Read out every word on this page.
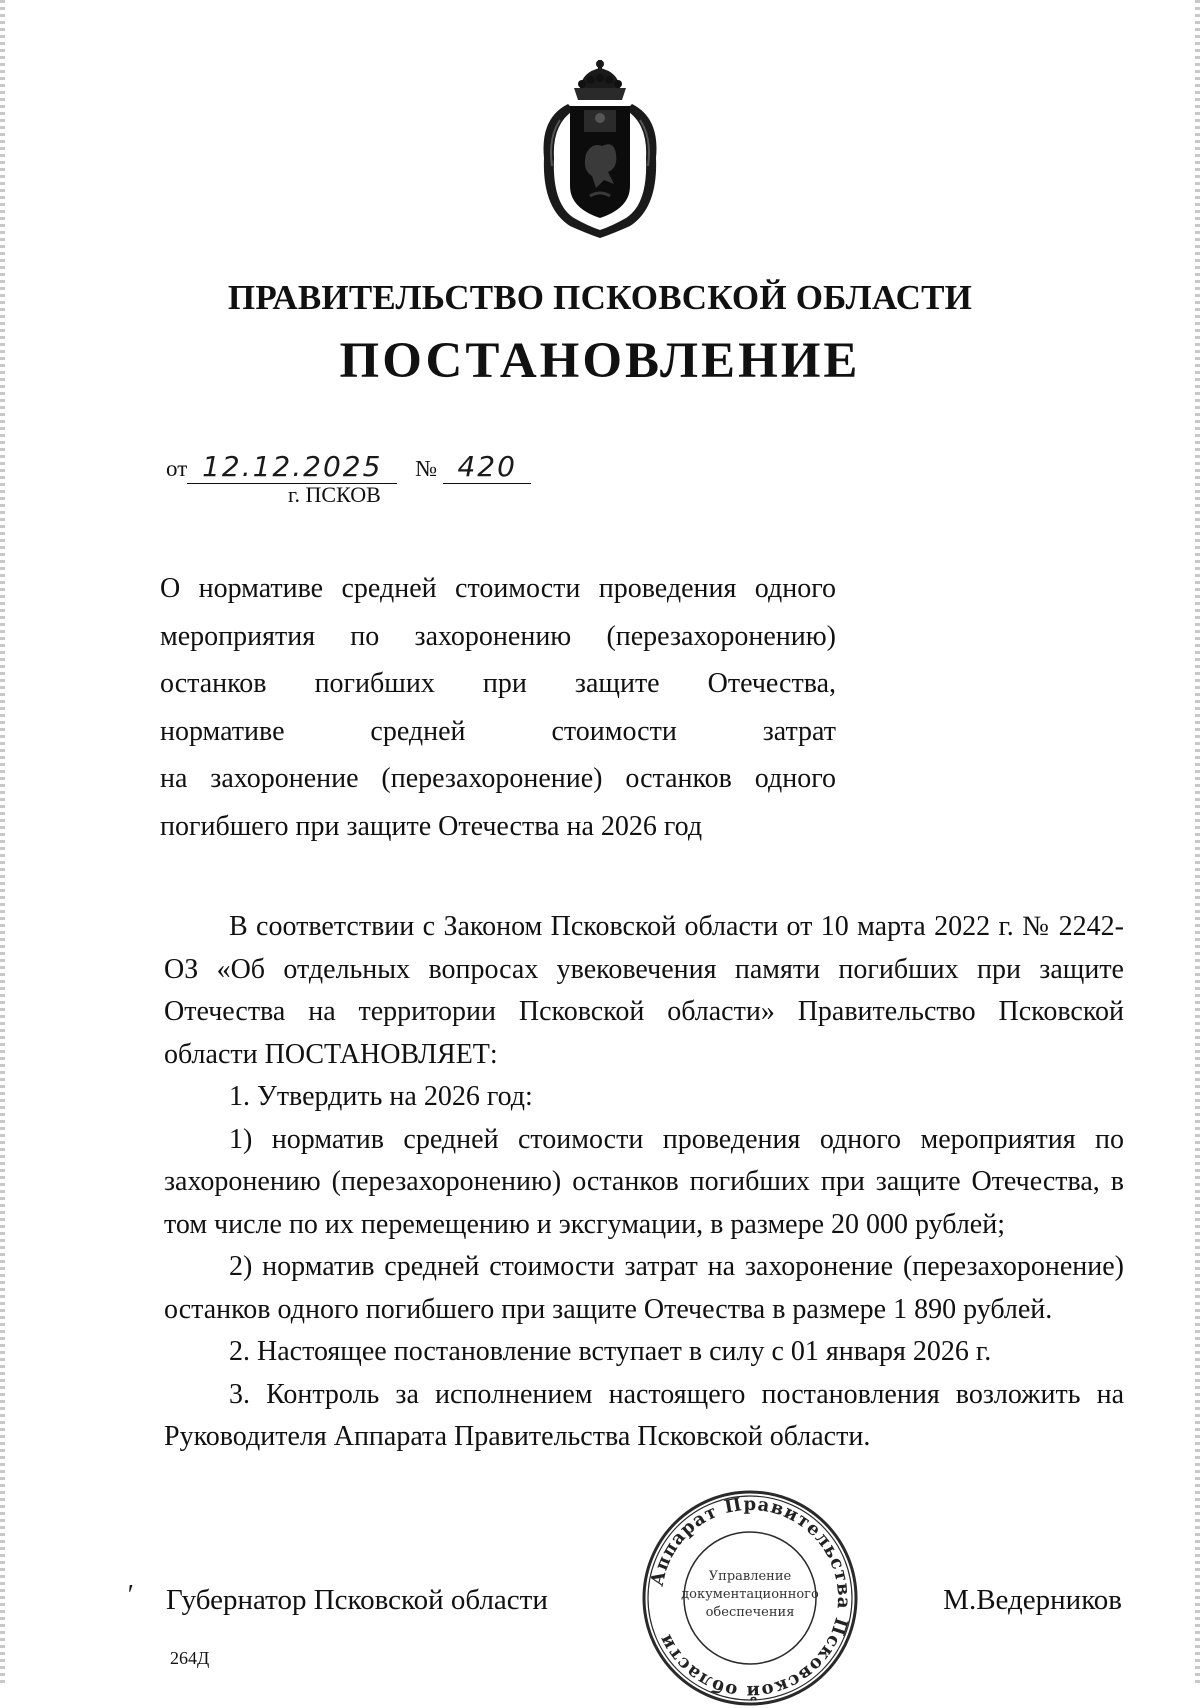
ПРАВИТЕЛЬСТВО ПСКОВСКОЙ ОБЛАСТИ
ПОСТАНОВЛЕНИЕ
от 12.12.2025 № 420
г. ПСКОВ
О нормативе средней стоимости проведения одного
мероприятия по захоронению (перезахоронению)
останков погибших при защите Отечества,
нормативе средней стоимости затрат
на захоронение (перезахоронение) останков одного
погибшего при защите Отечества на 2026 год

В соответствии с Законом Псковской области от 10 марта 2022 г. № 2242-ОЗ «Об отдельных вопросах увековечения памяти погибших при защите Отечества на территории Псковской области» Правительство Псковской области ПОСТАНОВЛЯЕТ:

1. Утвердить на 2026 год:

1) норматив средней стоимости проведения одного мероприятия по захоронению (перезахоронению) останков погибших при защите Отечества, в том числе по их перемещению и эксгумации, в размере 20 000 рублей;

2) норматив средней стоимости затрат на захоронение (перезахоронение) останков одного погибшего при защите Отечества в размере 1 890 рублей.

2. Настоящее постановление вступает в силу с 01 января 2026 г.

3. Контроль за исполнением настоящего постановления возложить на Руководителя Аппарата Правительства Псковской области.

′ Губернатор Псковской области	М.Ведерников
Аппарат Правительства Псковской области
Управление
документационного
обеспечения
264Д
